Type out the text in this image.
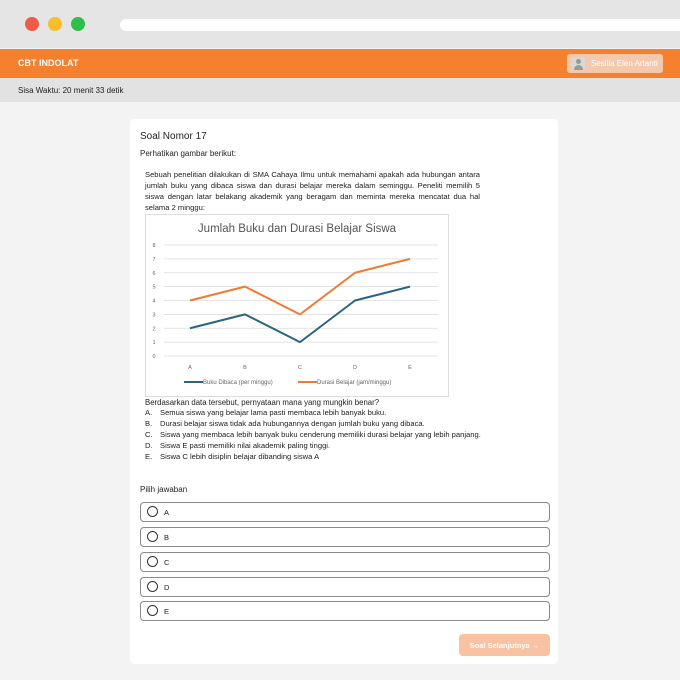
CBT INDOLAT	Sesilia Elen Artanti
Sisa Waktu: 20 menit 33 detik
Soal Nomor 17
Perhatikan gambar berikut:
Sebuah penelitian dilakukan di SMA Cahaya Ilmu untuk memahami apakah ada hubungan antara jumlah buku yang dibaca siswa dan durasi belajar mereka dalam seminggu. Peneliti memilih 5 siswa dengan latar belakang akademik yang beragam dan meminta mereka mencatat dua hal selama 2 minggu:
Jumlah Buku dan Durasi Belajar Siswa
0
1
2
3
4
5
6
7
8
A	B	C	D	E
Buku Dibaca (per minggu)	Durasi Belajar (jam/minggu)
Berdasarkan data tersebut, pernyataan mana yang mungkin benar?
A.	Semua siswa yang belajar lama pasti membaca lebih banyak buku.
B.	Durasi belajar siswa tidak ada hubungannya dengan jumlah buku yang dibaca.
C. Siswa yang membaca lebih banyak buku cenderung memiliki durasi belajar yang lebih panjang.
D. Siswa E pasti memiliki nilai akademik paling tinggi.
E.	Siswa C lebih disiplin belajar dibanding siswa A
Pilih jawaban
A
B
C
D
E
Soal Selanjutnya →
